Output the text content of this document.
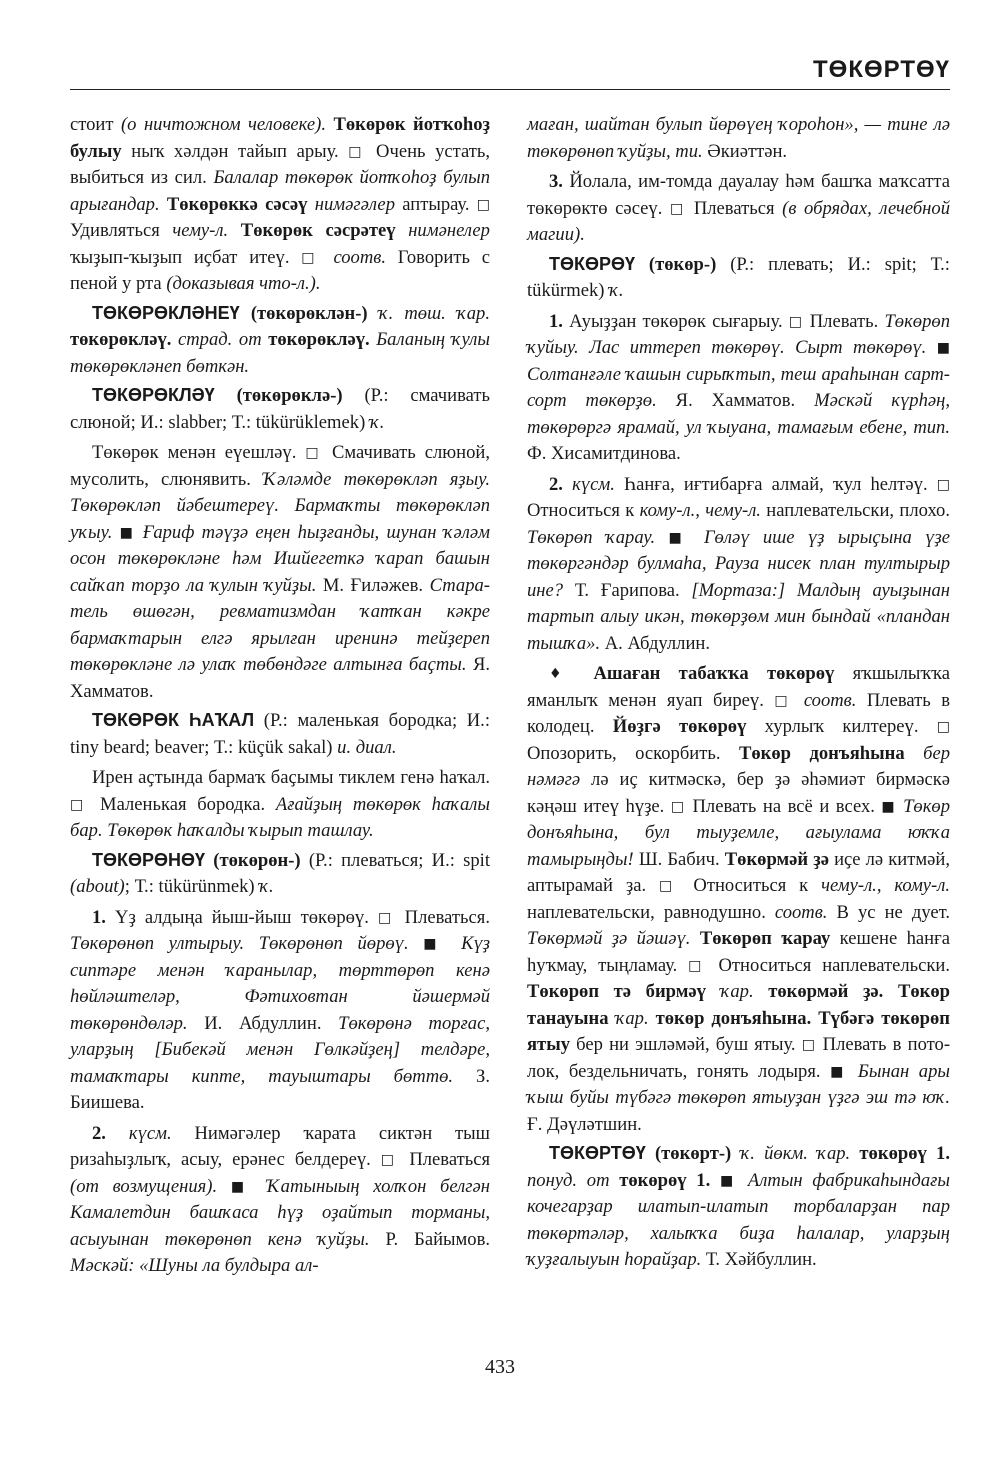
ТӨКӨРТӨҮ

стоит (о ничтожном человеке). Төкөрөк йотҡоһоҙ булыу ныҡ хәлдән тайып арыу. □ Очень устать, выбиться из сил. Балалар төкөрөк йотҡоһоҙ булып арығандар. Төкөрөккә сәсәү нимәгәлер аптырау. □ Удивляться чему-л. Төкөрөк сәсрәтеү нимәнелер ҡыҙып-ҡыҙып иҫбат итеү. □ соотв. Говорить с пеной у рта (доказывая что-л.).

ТӨКӨРӨКЛӘНЕҮ (төкөрөклән-) ҡ. төш. ҡар. төкөрөкләү. страд. от төкөрөкләү. Баланың ҡулы төкөрөкләнеп бөткән.

ТӨКӨРӨКЛӘҮ (төкөрөклә-) (Р.: смачивать слюной; И.: slabber; Т.: tükürüklemek) ҡ.

Төкөрөк менән еүешләү. □ Смачивать слюной, мусолить, слюнявить. Ҡәләмде төкөрөкләп яҙыу. Төкөрөкләп йәбештереү. Бармаҡты төкөрөкләп уҡыу. ■ Ғариф тәүҙә еңен һыҙғанды, шунан ҡәләм осон төкөрөкләне һәм Ишйегеткә ҡарап башын сайҡап торҙо ла ҡулын ҡуйҙы. М. Ғиләжев. Старатель өшөгән, ревматизмдан ҡатҡан кәкре бармаҡтарын елгә ярылған иренинә тейҙереп төкөрөкләне лә улаҡ төбөндәге алтынға баҫты. Я. Хамматов.

ТӨКӨРӨК ҺАҠАЛ (Р.: маленькая бородка; И.: tiny beard; beaver; Т.: küçük sakal) и. диал.

Ирен аҫтында бармаҡ баҫымы тиклем генә һаҡал. □ Маленькая бородка. Ағайҙың төкөрөк һаҡалы бар. Төкөрөк һаҡалды ҡырып ташлау.

ТӨКӨРӨНӨҮ (төкөрөн-) (Р.: плеваться; И.: spit (about); Т.: tükürünmek) ҡ.

1. Үҙ алдыңа йыш-йыш төкөрөү. □ Плеваться. Төкөрөнөп ултырыу. Төкөрөнөп йөрөү. ■ Күҙ сиптәре менән ҡаранылар, төрттөрөп кенә һөйләштеләр, Фәтиховтан йәшермәй төкөрөндөләр. И. Абдуллин. Төкөрөнә торғас, уларҙың [Бибекәй менән Гөлкәйҙең] телдәре, тамаҡтары кипте, тауыштары бөттө. З. Биишева.

2. күсм. Нимәгәлер ҡарата сиктән тыш ризаһыҙлыҡ, асыу, ерәнес белдереү. □ Плеваться (от возмущения). ■ Ҡатыныың холҡон белгән Камалетдин башҡаса һүҙ оҙайтып торманы, асыуынан төкөрөнөп кенә ҡуйҙы. Р. Байымов. Мәскәй: «Шуны ла булдыра ал-

маған, шайтан булып йөрөүең ҡороһон», — тине лә төкөрөнөп ҡуйҙы, ти. Әкиәттән.

3. Йолала, им-томда дауалау һәм башҡа маҡсатта төкөрөктө сәсеү. □ Плеваться (в обрядах, лечебной магии).

ТӨКӨРӨҮ (төкөр-) (Р.: плевать; И.: spit; Т.: tükürmek) ҡ.

1. Ауыҙҙан төкөрөк сығарыу. □ Плевать. Төкөрөп ҡуйыу. Лас иттереп төкөрөү. Сырт төкөрөү. ■ Солтанғәле ҡашын сирыҡтып, теш араһынан сарт-сорт төкөрҙө. Я. Хамматов. Мәскәй күрһәң, төкөрөргә ярамай, ул ҡыуана, тамағым ебене, тип. Ф. Хисамитдинова.

2. күсм. Һанға, иғтибарға алмай, ҡул һелтәү. □ Относиться к кому-л., чему-л. наплевательски, плохо. Төкөрөп ҡарау. ■ Гөләү ише үҙ ырыҫына үҙе төкөргәндәр булмаһа, Рауза нисек план тултырыр ине? Т. Ғарипова. [Мортаза:] Малдың ауыҙынан тартып алыу икән, төкөрҙөм мин бындай «пландан тышҡа». А. Абдуллин.

♦ Ашаған табаҡҡа төкөрөү яҡшылыҡҡа яманлыҡ менән яуап биреү. □ соотв. Плевать в колодец. Йөҙгә төкөрөү хурлыҡ килтереү. □ Опозорить, оскорбить. Төкөр донъяһына бер нәмәгә лә иҫ китмәскә, бер ҙә әһәмиәт бирмәскә кәңәш итеү һүҙе. □ Плевать на всё и всех. ■ Төкөр донъяһына, бул тыуҙемле, ағыулама юҡҡа тамырыңды! Ш. Бабич. Төкөрмәй ҙә иҫе лә китмәй, аптырамай ҙа. □ Относиться к чему-л., кому-л. наплевательски, равнодушно. соотв. В ус не дует. Төкөрмәй ҙә йәшәү. Төкөрөп ҡарау кешене һанға һуҡмау, тыңламау. □ Относиться наплевательски. Төкөрөп тә бирмәү ҡар. төкөрмәй ҙә. Төкөр танауына ҡар. төкөр донъяһына. Түбәгә төкөрөп ятыу бер ни эшләмәй, буш ятыу. □ Плевать в потолок, бездельничать, гонять лодыря. ■ Бынан ары ҡыш буйы түбәгә төкөрөп ятыуҙан үҙгә эш тә юҡ. Ғ. Дәүләтшин.

ТӨКӨРТӨҮ (төкөрт-) ҡ. йөкм. ҡар. төкөрөү 1. понуд. от төкөрөү 1. ■ Алтын фабрикаһындағы кочегарҙар илатып-илатып торбаларҙан пар төкөртәләр, халыҡҡа биҙа һалалар, уларҙың ҡуҙғалыуын һорайҙар. Т. Хәйбуллин.

433
